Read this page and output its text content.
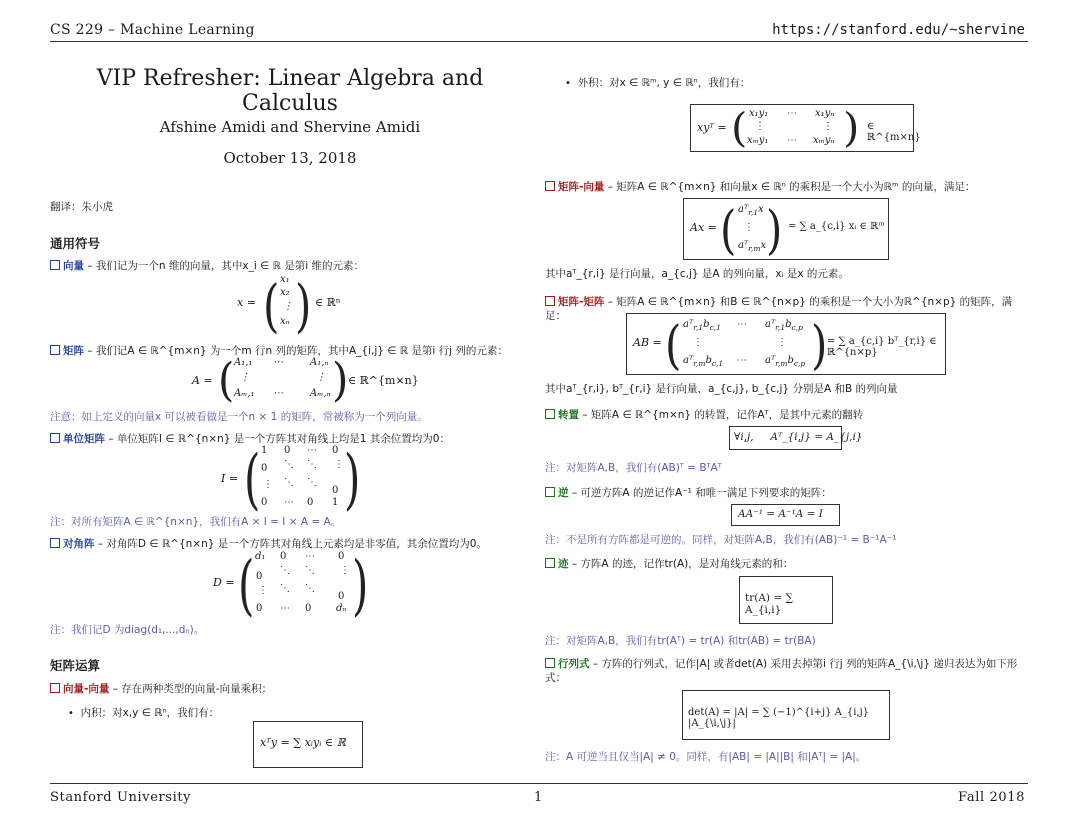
CS 229 – Machine Learning	https://stanford.edu/~shervine
Stanford University	1	Fall 2018
VIP Refresher: Linear Algebra and Calculus
Afshine Amidi and Shervine Amidi
October 13, 2018
翻译：朱小虎
通用符号
向量 – 我们记为一个n 维的向量，其中x_i ∈ ℝ 是第i 维的元素：
x = ( x₁
x₂
⋮
xₙ ) ∈ ℝⁿ
矩阵 – 我们记A ∈ ℝ^{m×n} 为一个m 行n 列的矩阵，其中A_{i,j} ∈ ℝ 是第i 行j 列的元素：
A = ( A₁,₁ ⋯	A₁,ₙ
⋮	⋮
Aₘ,₁ ⋯	Aₘ,ₙ ) ∈ ℝ^{m×n}
注意：如上定义的向量x 可以被看做是一个n × 1 的矩阵，常被称为一个列向量。
单位矩阵 – 单位矩阵I ∈ ℝ^{n×n} 是一个方阵其对角线上均是1 其余位置均为0：
I = ( 1 0 ⋯ 0
0 ⋱ ⋱ ⋮
⋮ ⋱ ⋱
0
0 ⋯ 0 1 )
注：对所有矩阵A ∈ ℝ^{n×n}，我们有A × I = I × A = A。
对角阵 – 对角阵D ∈ ℝ^{n×n} 是一个方阵其对角线上元素均是非零值，其余位置均为0。
D = ( d₁ 0 ⋯ 0
0
⋱ ⋱	⋮
⋮ ⋱ ⋱
0
0 ⋯ 0 dₙ )
注：我们记D 为diag(d₁,...,dₙ)。
矩阵运算
向量-向量 – 存在两种类型的向量-向量乘积：
• 内积：对x,y ∈ ℝⁿ，我们有：
xᵀy = ∑ xᵢyᵢ ∈ ℝ
• 外积：对x ∈ ℝᵐ, y ∈ ℝⁿ，我们有：
xyᵀ = ( x₁y₁ ⋯ x₁yₙ
⋮	⋮
xₘy₁ ⋯ xₘyₙ ) ∈ ℝ^{m×n}
矩阵-向量 – 矩阵A ∈ ℝ^{m×n} 和向量x ∈ ℝⁿ 的乘积是一个大小为ℝᵐ 的向量，满足：
Ax = ( aᵀ$_{r,1}$x
⋮
aᵀ$_{r,m}$x ) = ∑ a_{c,i} xᵢ ∈ ℝᵐ
其中aᵀ_{r,i} 是行向量，a_{c,j} 是A 的列向量，xᵢ 是x 的元素。
矩阵-矩阵 – 矩阵A ∈ ℝ^{m×n} 和B ∈ ℝ^{n×p} 的乘积是一个大小为ℝ^{n×p} 的矩阵，满足：
AB = ( $aᵀ_{r,1}b_{c,1}$ ⋯ $aᵀ_{r,1}b_{c,p}$
⋮	⋮
$aᵀ_{r,m}b_{c,1}$ ⋯ $aᵀ_{r,m}b_{c,p}$ ) = ∑ a_{c,i} bᵀ_{r,i} ∈ ℝ^{n×p}
其中aᵀ_{r,i}, bᵀ_{r,i} 是行向量，a_{c,j}, b_{c,j} 分别是A 和B 的列向量
转置 – 矩阵A ∈ ℝ^{m×n} 的转置，记作Aᵀ，是其中元素的翻转
∀i,j,     Aᵀ_{i,j} = A_{j,i}
注：对矩阵A,B，我们有(AB)ᵀ = BᵀAᵀ
逆 – 可逆方阵A 的逆记作A⁻¹ 和唯一满足下列要求的矩阵：
AA⁻¹ = A⁻¹A = I
注：不是所有方阵都是可逆的。同样，对矩阵A,B，我们有(AB)⁻¹ = B⁻¹A⁻¹
迹 – 方阵A 的迹，记作tr(A)，是对角线元素的和：
tr(A) = ∑ A_{i,i}
注：对矩阵A,B，我们有tr(Aᵀ) = tr(A) 和tr(AB) = tr(BA)
行列式 – 方阵的行列式，记作|A| 或者det(A) 采用去掉第i 行j 列的矩阵A_{\i,\j} 递归表达为如下形式：
det(A) = |A| = ∑ (−1)^{i+j} A_{i,j} |A_{\i,\j}|
注：A 可逆当且仅当|A| ≠ 0。同样，有|AB| = |A||B| 和|Aᵀ| = |A|。
